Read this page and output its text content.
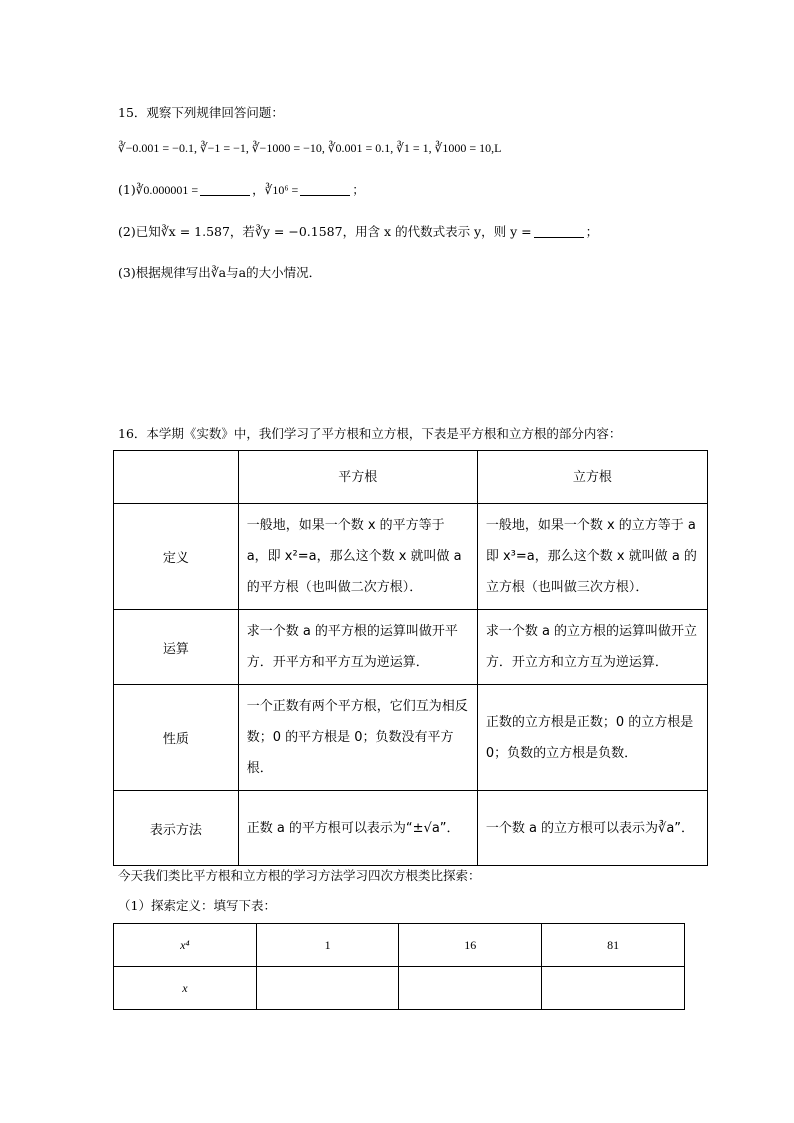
15．观察下列规律回答问题：
∛−0.001 = −0.1, ∛−1 = −1, ∛−1000 = −10, ∛0.001 = 0.1, ∛1 = 1, ∛1000 = 10,L
(1)∛0.000001 =	，∛10⁶ =	；
(2)已知∛x = 1.587，若∛y = −0.1587，用含 x 的代数式表示 y，则 y =	；
(3)根据规律写出∛a与a的大小情况．
16．本学期《实数》中，我们学习了平方根和立方根，下表是平方根和立方根的部分内容：
	平方根	立方根
定义	一般地，如果一个数 x 的平方等于 a，即 x²=a，那么这个数 x 就叫做 a 的平方根（也叫做二次方根）．	一般地，如果一个数 x 的立方等于 a 即 x³=a，那么这个数 x 就叫做 a 的立方根（也叫做三次方根）．
运算	求一个数 a 的平方根的运算叫做开平方．开平方和平方互为逆运算．	求一个数 a 的立方根的运算叫做开立方．开立方和立方互为逆运算．
性质	一个正数有两个平方根，它们互为相反数；0 的平方根是 0；负数没有平方根．	正数的立方根是正数；0 的立方根是 0；负数的立方根是负数．
表示方法	正数 a 的平方根可以表示为“±√a”．	一个数 a 的立方根可以表示为∛a”．
今天我们类比平方根和立方根的学习方法学习四次方根类比探索：
（1）探索定义：填写下表：
x⁴	1	16	81
x			
